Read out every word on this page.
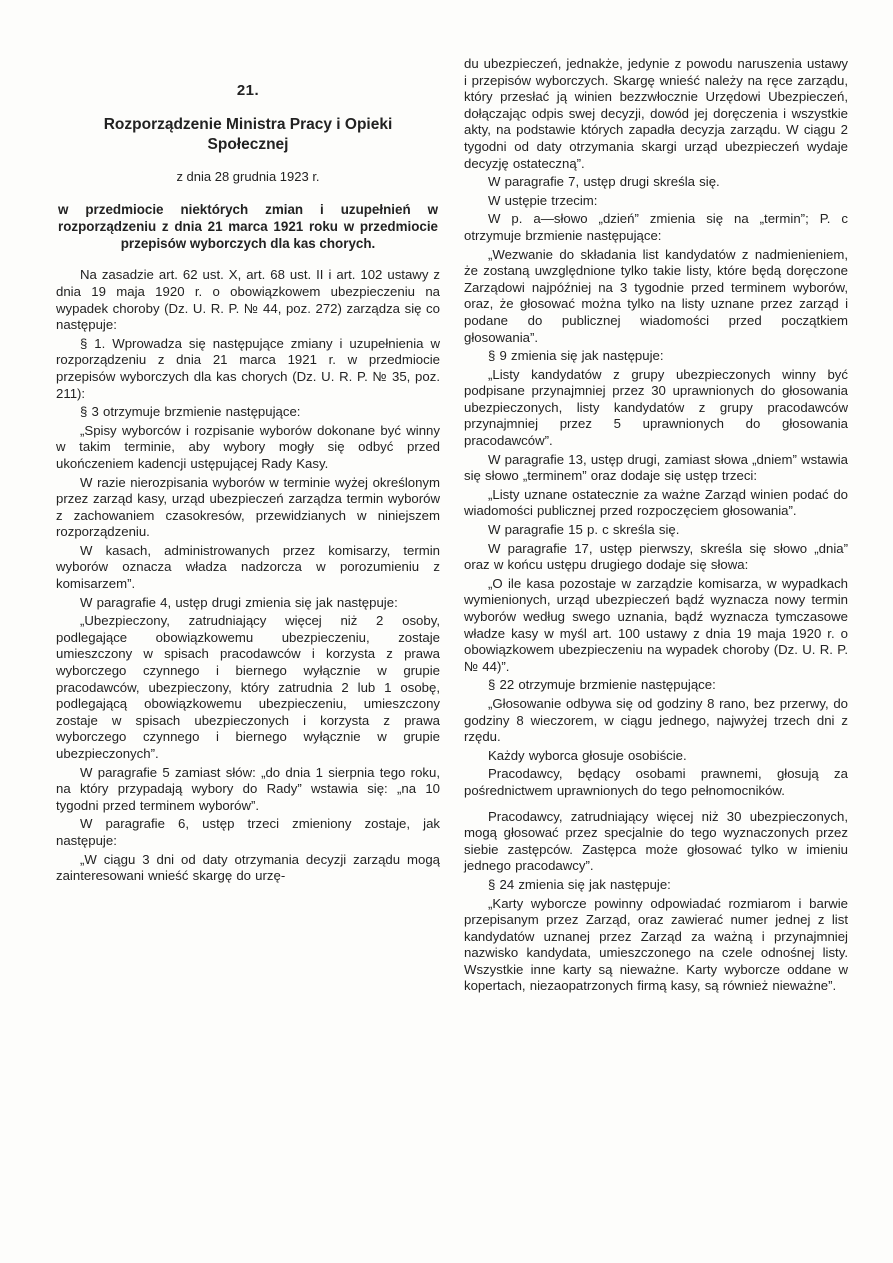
21.
Rozporządzenie Ministra Pracy i Opieki Społecznej
z dnia 28 grudnia 1923 r.
w przedmiocie niektórych zmian i uzupełnień w rozporządzeniu z dnia 21 marca 1921 roku w przedmiocie przepisów wyborczych dla kas chorych.

Na zasadzie art. 62 ust. X, art. 68 ust. II i art. 102 ustawy z dnia 19 maja 1920 r. o obowiązkowem ubezpieczeniu na wypadek choroby (Dz. U. R. P. № 44, poz. 272) zarządza się co następuje:

§ 1. Wprowadza się następujące zmiany i uzupełnienia w rozporządzeniu z dnia 21 marca 1921 r. w przedmiocie przepisów wyborczych dla kas chorych (Dz. U. R. P. № 35, poz. 211):

§ 3 otrzymuje brzmienie następujące:

„Spisy wyborców i rozpisanie wyborów dokonane być winny w takim terminie, aby wybory mogły się odbyć przed ukończeniem kadencji ustępującej Rady Kasy.

W razie nierozpisania wyborów w terminie wyżej określonym przez zarząd kasy, urząd ubezpieczeń zarządza termin wyborów z zachowaniem czasokresów, przewidzianych w niniejszem rozporządzeniu.

W kasach, administrowanych przez komisarzy, termin wyborów oznacza władza nadzorcza w porozumieniu z komisarzem”.

W paragrafie 4, ustęp drugi zmienia się jak następuje:

„Ubezpieczony, zatrudniający więcej niż 2 osoby, podlegające obowiązkowemu ubezpieczeniu, zostaje umieszczony w spisach pracodawców i korzysta z prawa wyborczego czynnego i biernego wyłącznie w grupie pracodawców, ubezpieczony, który zatrudnia 2 lub 1 osobę, podlegającą obowiązkowemu ubezpieczeniu, umieszczony zostaje w spisach ubezpieczonych i korzysta z prawa wyborczego czynnego i biernego wyłącznie w grupie ubezpieczonych”.

W paragrafie 5 zamiast słów: „do dnia 1 sierpnia tego roku, na który przypadają wybory do Rady” wstawia się: „na 10 tygodni przed terminem wyborów”.

W paragrafie 6, ustęp trzeci zmieniony zostaje, jak następuje:

„W ciągu 3 dni od daty otrzymania decyzji zarządu mogą zainteresowani wnieść skargę do urzę-

du ubezpieczeń, jednakże, jedynie z powodu naruszenia ustawy i przepisów wyborczych. Skargę wnieść należy na ręce zarządu, który przesłać ją winien bezzwłocznie Urzędowi Ubezpieczeń, dołączając odpis swej decyzji, dowód jej doręczenia i wszystkie akty, na podstawie których zapadła decyzja zarządu. W ciągu 2 tygodni od daty otrzymania skargi urząd ubezpieczeń wydaje decyzję ostateczną”.

W paragrafie 7, ustęp drugi skreśla się.

W ustępie trzecim:

W p. a—słowo „dzień” zmienia się na „termin”; P. c otrzymuje brzmienie następujące:

„Wezwanie do składania list kandydatów z nadmienieniem, że zostaną uwzględnione tylko takie listy, które będą doręczone Zarządowi najpóźniej na 3 tygodnie przed terminem wyborów, oraz, że głosować można tylko na listy uznane przez zarząd i podane do publicznej wiadomości przed początkiem głosowania”.

§ 9 zmienia się jak następuje:

„Listy kandydatów z grupy ubezpieczonych winny być podpisane przynajmniej przez 30 uprawnionych do głosowania ubezpieczonych, listy kandydatów z grupy pracodawców przynajmniej przez 5 uprawnionych do głosowania pracodawców”.

W paragrafie 13, ustęp drugi, zamiast słowa „dniem” wstawia się słowo „terminem” oraz dodaje się ustęp trzeci:

„Listy uznane ostatecznie za ważne Zarząd winien podać do wiadomości publicznej przed rozpoczęciem głosowania”.

W paragrafie 15 p. c skreśla się.

W paragrafie 17, ustęp pierwszy, skreśla się słowo „dnia” oraz w końcu ustępu drugiego dodaje się słowa:

„O ile kasa pozostaje w zarządzie komisarza, w wypadkach wymienionych, urząd ubezpieczeń bądź wyznacza nowy termin wyborów według swego uznania, bądź wyznacza tymczasowe władze kasy w myśl art. 100 ustawy z dnia 19 maja 1920 r. o obowiązkowem ubezpieczeniu na wypadek choroby (Dz. U. R. P. № 44)”.

§ 22 otrzymuje brzmienie następujące:

„Głosowanie odbywa się od godziny 8 rano, bez przerwy, do godziny 8 wieczorem, w ciągu jednego, najwyżej trzech dni z rzędu.

Każdy wyborca głosuje osobiście.

Pracodawcy, będący osobami prawnemi, głosują za pośrednictwem uprawnionych do tego pełnomocników.

Pracodawcy, zatrudniający więcej niż 30 ubezpieczonych, mogą głosować przez specjalnie do tego wyznaczonych przez siebie zastępców. Zastępca może głosować tylko w imieniu jednego pracodawcy”.

§ 24 zmienia się jak następuje:

„Karty wyborcze powinny odpowiadać rozmiarom i barwie przepisanym przez Zarząd, oraz zawierać numer jednej z list kandydatów uznanej przez Zarząd za ważną i przynajmniej nazwisko kandydata, umieszczonego na czele odnośnej listy. Wszystkie inne karty są nieważne. Karty wyborcze oddane w kopertach, niezaopatrzonych firmą kasy, są również nieważne”.
